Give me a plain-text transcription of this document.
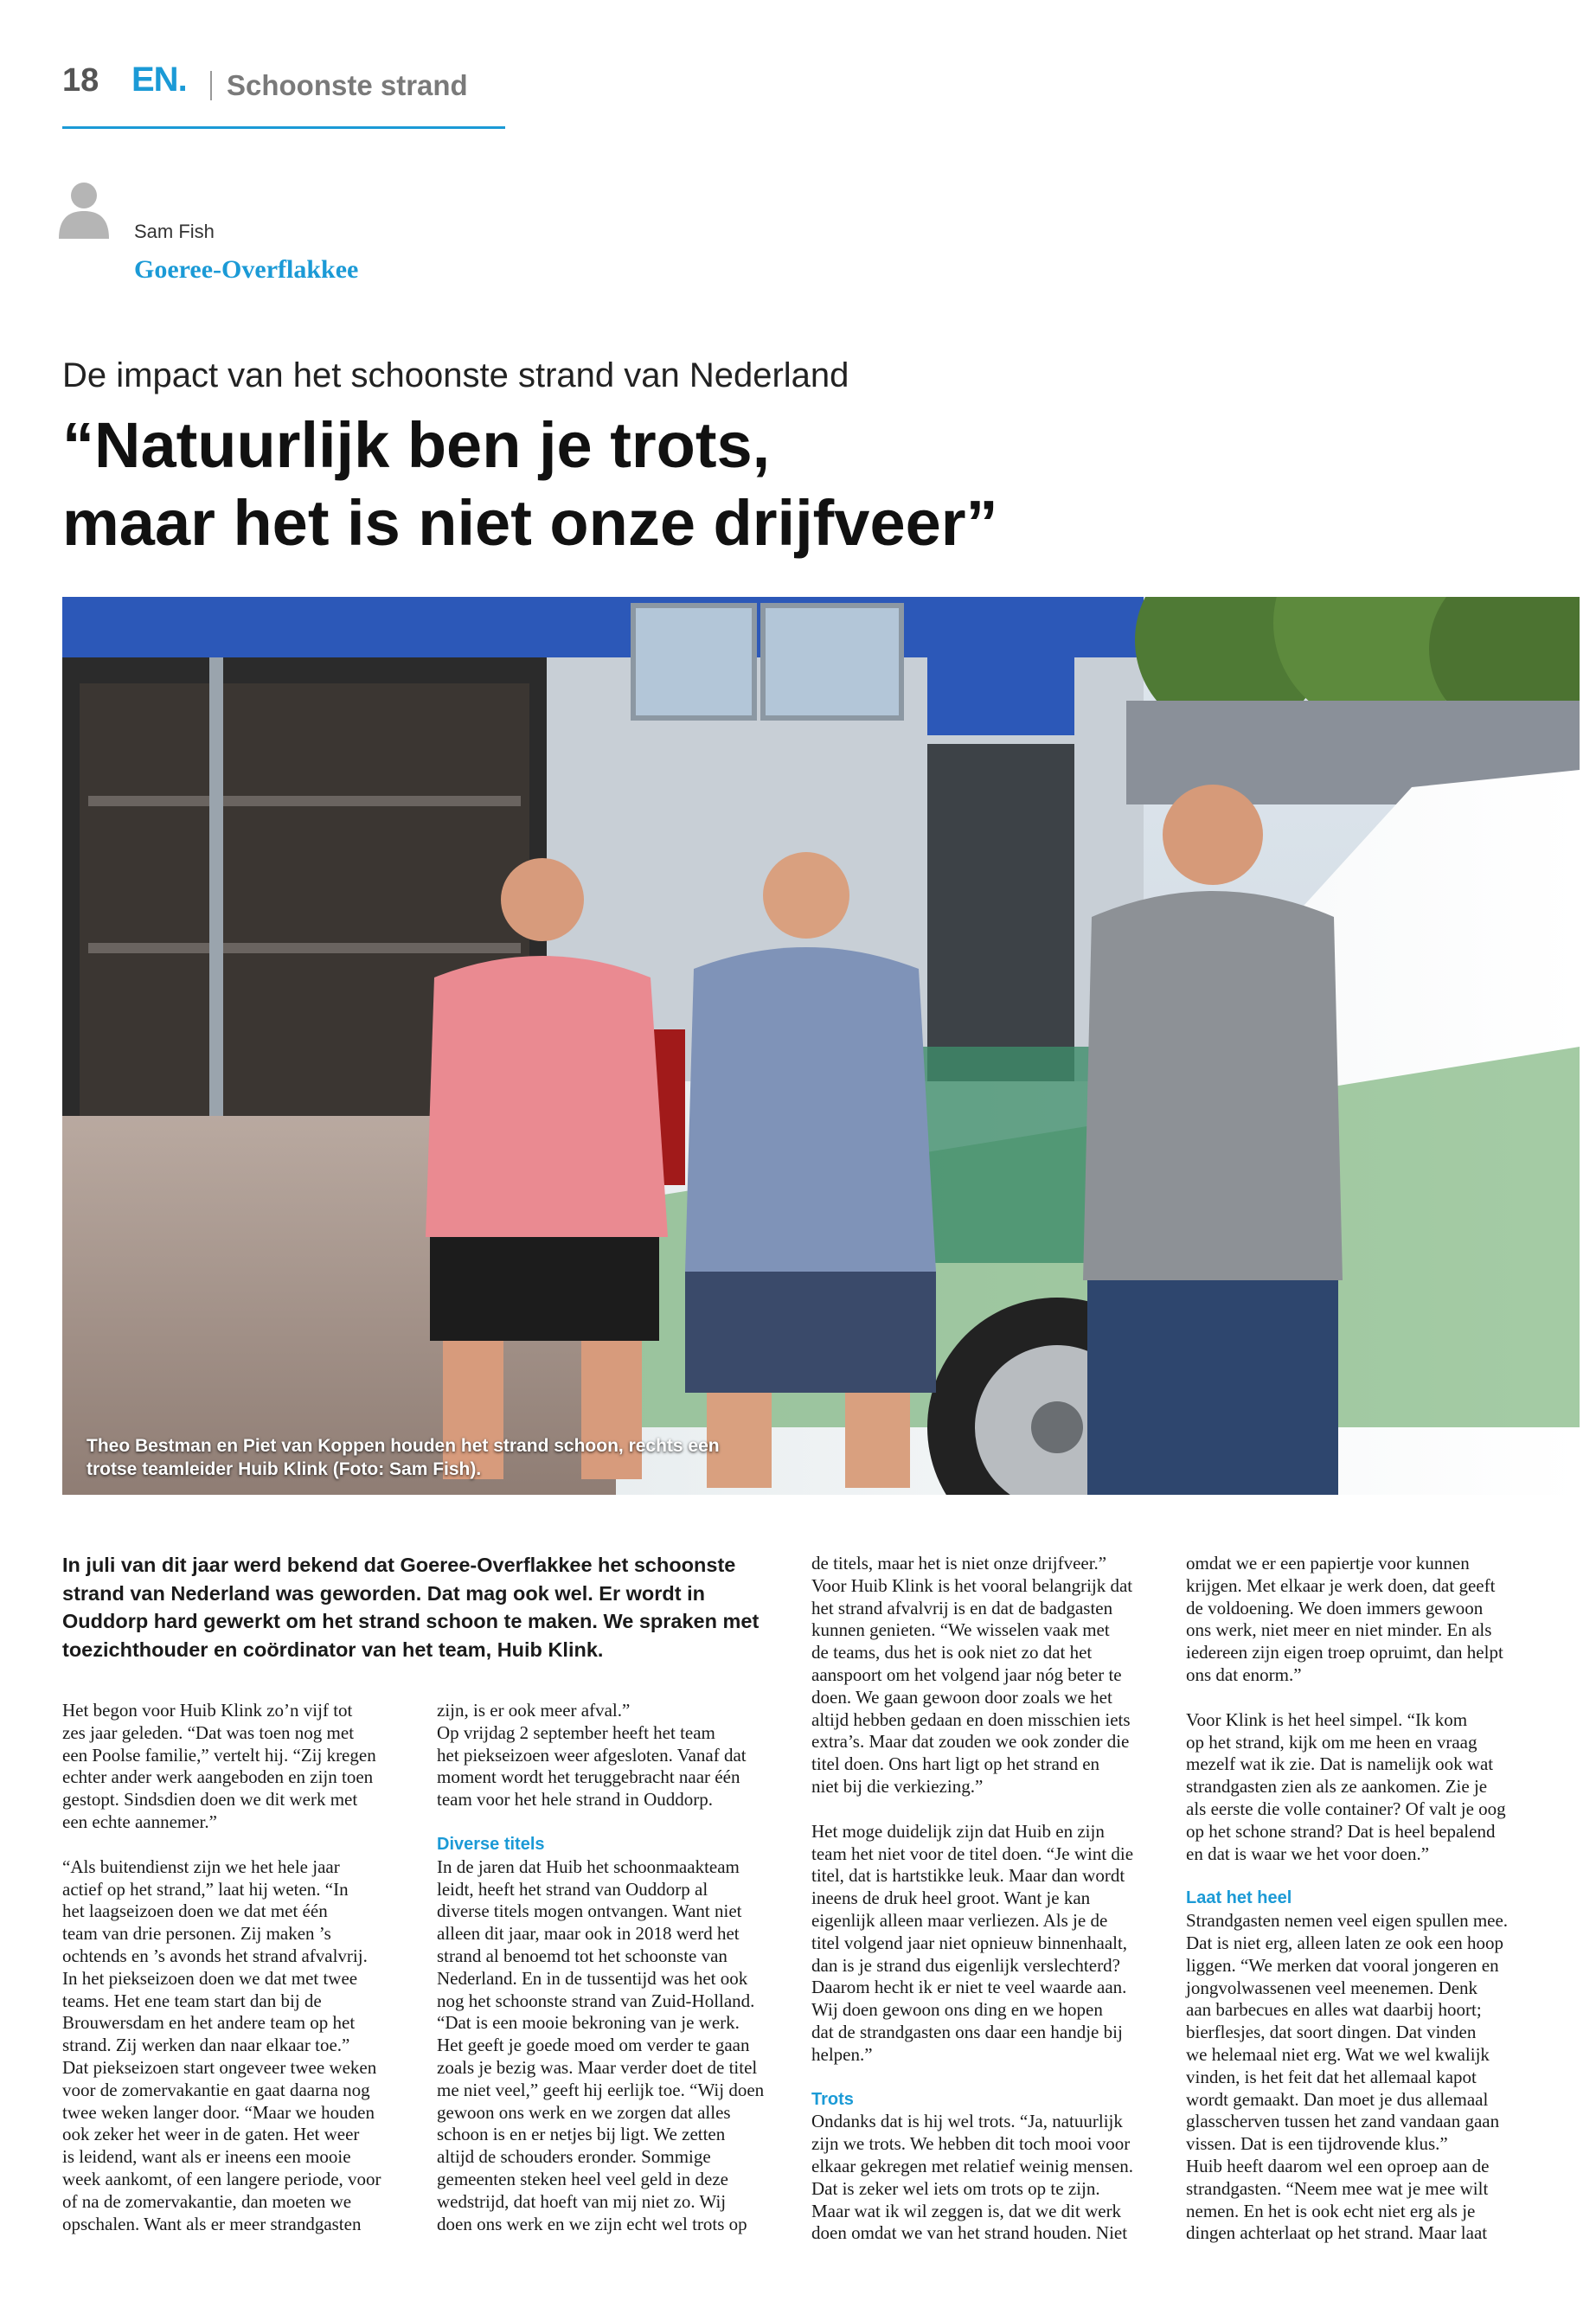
18 EN. Schoonste strand
Sam Fish
Goeree-Overflakkee
De impact van het schoonste strand van Nederland
“Natuurlijk ben je trots,
maar het is niet onze drijfveer”
Theo Bestman en Piet van Koppen houden het strand schoon, rechts een trotse teamleider Huib Klink (Foto: Sam Fish).
In juli van dit jaar werd bekend dat Goeree-Overflakkee het schoonste strand van Nederland was geworden. Dat mag ook wel. Er wordt in Ouddorp hard gewerkt om het strand schoon te maken. We spraken met toezichthouder en coördinator van het team, Huib Klink.

Het begon voor Huib Klink zo’n vijf tot
zes jaar geleden. “Dat was toen nog met
een Poolse familie,” vertelt hij. “Zij kregen
echter ander werk aangeboden en zijn toen
gestopt. Sindsdien doen we dit werk met
een echte aannemer.”

“Als buitendienst zijn we het hele jaar
actief op het strand,” laat hij weten. “In
het laagseizoen doen we dat met één
team van drie personen. Zij maken ’s
ochtends en ’s avonds het strand afvalvrij.
In het piekseizoen doen we dat met twee
teams. Het ene team start dan bij de
Brouwersdam en het andere team op het
strand. Zij werken dan naar elkaar toe.”
Dat piekseizoen start ongeveer twee weken
voor de zomervakantie en gaat daarna nog
twee weken langer door. “Maar we houden
ook zeker het weer in de gaten. Het weer
is leidend, want als er ineens een mooie
week aankomt, of een langere periode, voor
of na de zomervakantie, dan moeten we
opschalen. Want als er meer strandgasten

zijn, is er ook meer afval.”
Op vrijdag 2 september heeft het team
het piekseizoen weer afgesloten. Vanaf dat
moment wordt het teruggebracht naar één
team voor het hele strand in Ouddorp.

Diverse titels

In de jaren dat Huib het schoonmaakteam
leidt, heeft het strand van Ouddorp al
diverse titels mogen ontvangen. Want niet
alleen dit jaar, maar ook in 2018 werd het
strand al benoemd tot het schoonste van
Nederland. En in de tussentijd was het ook
nog het schoonste strand van Zuid-Holland.
“Dat is een mooie bekroning van je werk.
Het geeft je goede moed om verder te gaan
zoals je bezig was. Maar verder doet de titel
me niet veel,” geeft hij eerlijk toe. “Wij doen
gewoon ons werk en we zorgen dat alles
schoon is en er netjes bij ligt. We zetten
altijd de schouders eronder. Sommige
gemeenten steken heel veel geld in deze
wedstrijd, dat hoeft van mij niet zo. Wij
doen ons werk en we zijn echt wel trots op

de titels, maar het is niet onze drijfveer.”
Voor Huib Klink is het vooral belangrijk dat
het strand afvalvrij is en dat de badgasten
kunnen genieten. “We wisselen vaak met
de teams, dus het is ook niet zo dat het
aanspoort om het volgend jaar nóg beter te
doen. We gaan gewoon door zoals we het
altijd hebben gedaan en doen misschien iets
extra’s. Maar dat zouden we ook zonder die
titel doen. Ons hart ligt op het strand en
niet bij die verkiezing.”

Het moge duidelijk zijn dat Huib en zijn
team het niet voor de titel doen. “Je wint die
titel, dat is hartstikke leuk. Maar dan wordt
ineens de druk heel groot. Want je kan
eigenlijk alleen maar verliezen. Als je de
titel volgend jaar niet opnieuw binnenhaalt,
dan is je strand dus eigenlijk verslechterd?
Daarom hecht ik er niet te veel waarde aan.
Wij doen gewoon ons ding en we hopen
dat de strandgasten ons daar een handje bij
helpen.”

Trots

Ondanks dat is hij wel trots. “Ja, natuurlijk
zijn we trots. We hebben dit toch mooi voor
elkaar gekregen met relatief weinig mensen.
Dat is zeker wel iets om trots op te zijn.
Maar wat ik wil zeggen is, dat we dit werk
doen omdat we van het strand houden. Niet

omdat we er een papiertje voor kunnen
krijgen. Met elkaar je werk doen, dat geeft
de voldoening. We doen immers gewoon
ons werk, niet meer en niet minder. En als
iedereen zijn eigen troep opruimt, dan helpt
ons dat enorm.”

Voor Klink is het heel simpel. “Ik kom
op het strand, kijk om me heen en vraag
mezelf wat ik zie. Dat is namelijk ook wat
strandgasten zien als ze aankomen. Zie je
als eerste die volle container? Of valt je oog
op het schone strand? Dat is heel bepalend
en dat is waar we het voor doen.”

Laat het heel

Strandgasten nemen veel eigen spullen mee.
Dat is niet erg, alleen laten ze ook een hoop
liggen. “We merken dat vooral jongeren en
jongvolwassenen veel meenemen. Denk
aan barbecues en alles wat daarbij hoort;
bierflesjes, dat soort dingen. Dat vinden
we helemaal niet erg. Wat we wel kwalijk
vinden, is het feit dat het allemaal kapot
wordt gemaakt. Dan moet je dus allemaal
glasscherven tussen het zand vandaan gaan
vissen. Dat is een tijdrovende klus.”
Huib heeft daarom wel een oproep aan de
strandgasten. “Neem mee wat je mee wilt
nemen. En het is ook echt niet erg als je
dingen achterlaat op het strand. Maar laat
